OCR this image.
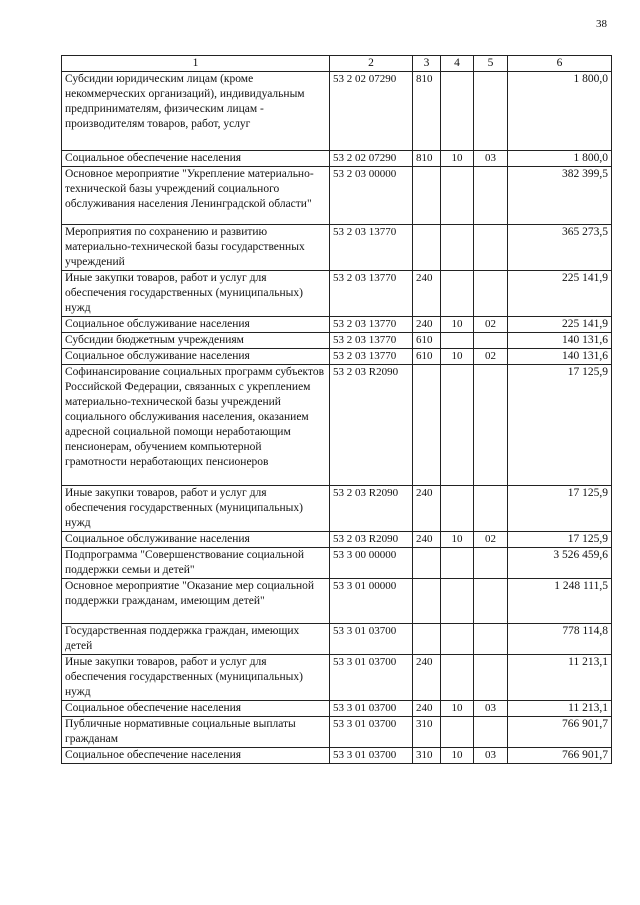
38
1	2	3	4	5	6
Субсидии юридическим лицам (кроме некоммерческих организаций), индивидуальным предпринимателям, физическим лицам - производителям товаров, работ, услуг	53 2 02 07290	810			1 800,0
Социальное обеспечение населения	53 2 02 07290	810	10	03	1 800,0
Основное мероприятие "Укрепление материально-технической базы учреждений социального обслуживания населения Ленинградской области"	53 2 03 00000				382 399,5
Мероприятия по сохранению и развитию материально-технической базы государственных учреждений	53 2 03 13770				365 273,5
Иные закупки товаров, работ и услуг для обеспечения государственных (муниципальных) нужд	53 2 03 13770	240			225 141,9
Социальное обслуживание населения	53 2 03 13770	240	10	02	225 141,9
Субсидии бюджетным учреждениям	53 2 03 13770	610			140 131,6
Социальное обслуживание населения	53 2 03 13770	610	10	02	140 131,6
Софинансирование социальных программ субъектов Российской Федерации, связанных с укреплением материально-технической базы учреждений социального обслуживания населения, оказанием адресной социальной помощи неработающим пенсионерам, обучением компьютерной грамотности неработающих пенсионеров	53 2 03 R2090				17 125,9
Иные закупки товаров, работ и услуг для обеспечения государственных (муниципальных) нужд	53 2 03 R2090	240			17 125,9
Социальное обслуживание населения	53 2 03 R2090	240	10	02	17 125,9
Подпрограмма "Совершенствование социальной поддержки семьи и детей"	53 3 00 00000				3 526 459,6
Основное мероприятие "Оказание мер социальной поддержки гражданам, имеющим детей"	53 3 01 00000				1 248 111,5
Государственная поддержка граждан, имеющих детей	53 3 01 03700				778 114,8
Иные закупки товаров, работ и услуг для обеспечения государственных (муниципальных) нужд	53 3 01 03700	240			11 213,1
Социальное обеспечение населения	53 3 01 03700	240	10	03	11 213,1
Публичные нормативные социальные выплаты гражданам	53 3 01 03700	310			766 901,7
Социальное обеспечение населения	53 3 01 03700	310	10	03	766 901,7
